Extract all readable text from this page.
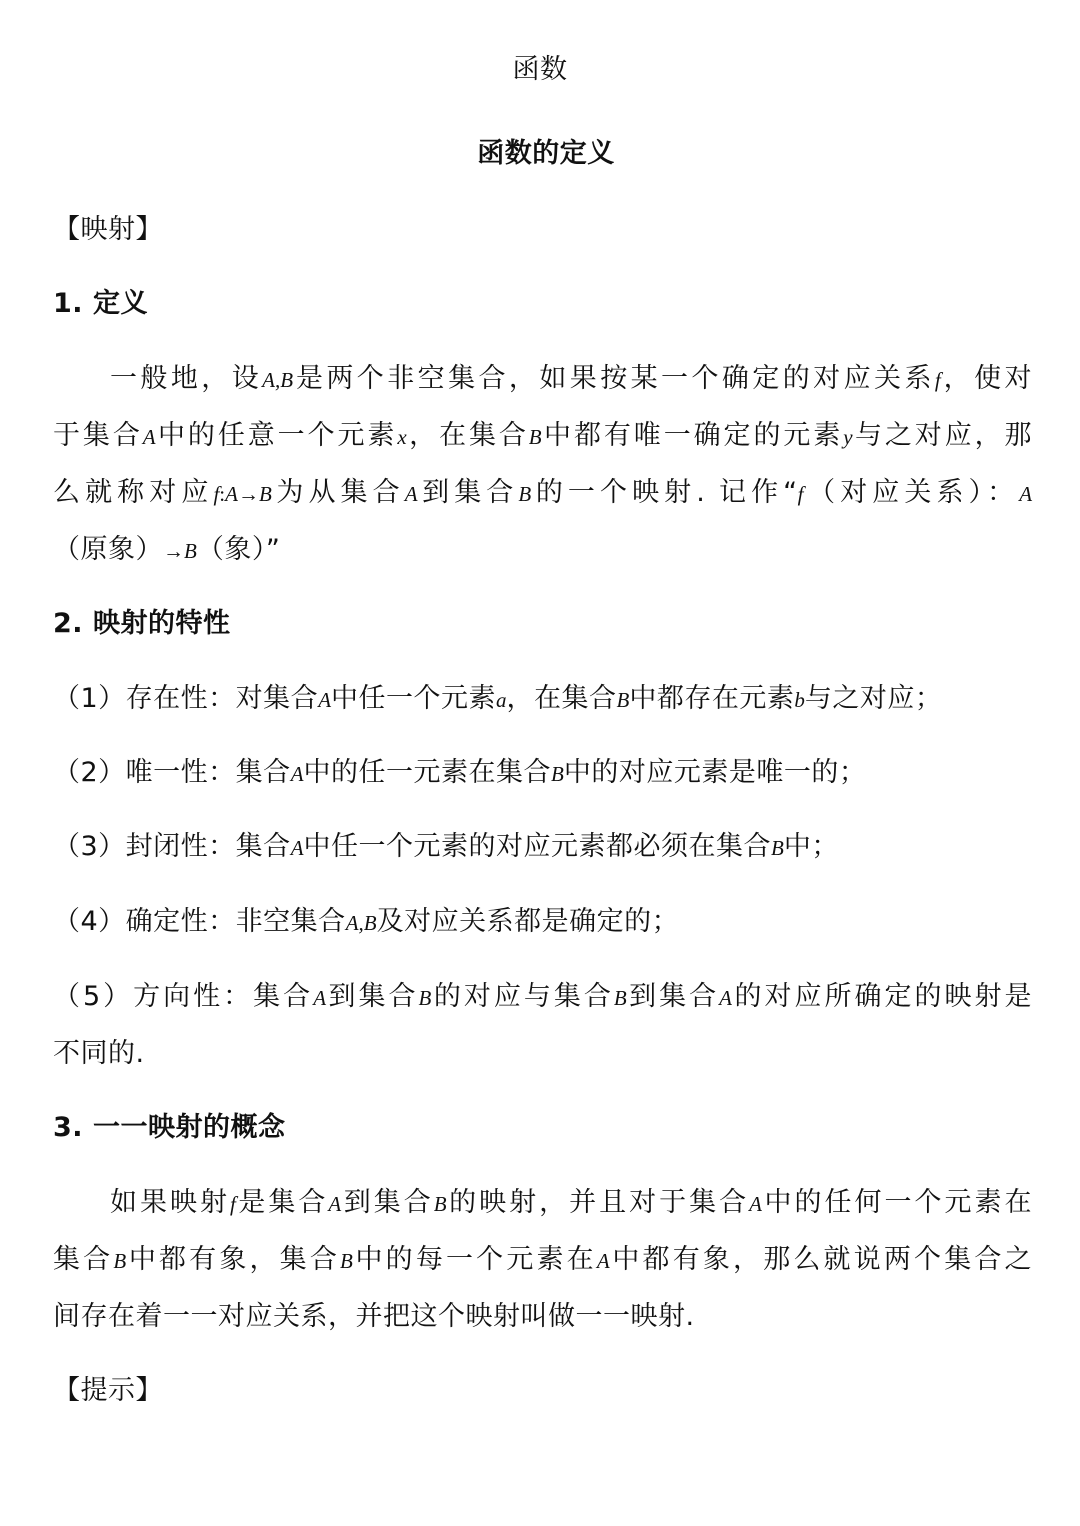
函数
函数的定义
【映射】
1. 定义
一般地，设A,B是两个非空集合，如果按某一个确定的对应关系f，使对
于集合A中的任意一个元素x，在集合B中都有唯一确定的元素y与之对应，那
么就称对应f:A→B为从集合A到集合B的一个映射. 记作“f（对应关系）：A
（原象）→B（象）”
2. 映射的特性
（1）存在性：对集合A中任一个元素a，在集合B中都存在元素b与之对应；
（2）唯一性：集合A中的任一元素在集合B中的对应元素是唯一的；
（3）封闭性：集合A中任一个元素的对应元素都必须在集合B中；
（4）确定性：非空集合A,B及对应关系都是确定的；
（5）方向性：集合A到集合B的对应与集合B到集合A的对应所确定的映射是
不同的.
3. 一一映射的概念
如果映射f是集合A到集合B的映射，并且对于集合A中的任何一个元素在
集合B中都有象，集合B中的每一个元素在A中都有象，那么就说两个集合之
间存在着一一对应关系，并把这个映射叫做一一映射.
【提示】
